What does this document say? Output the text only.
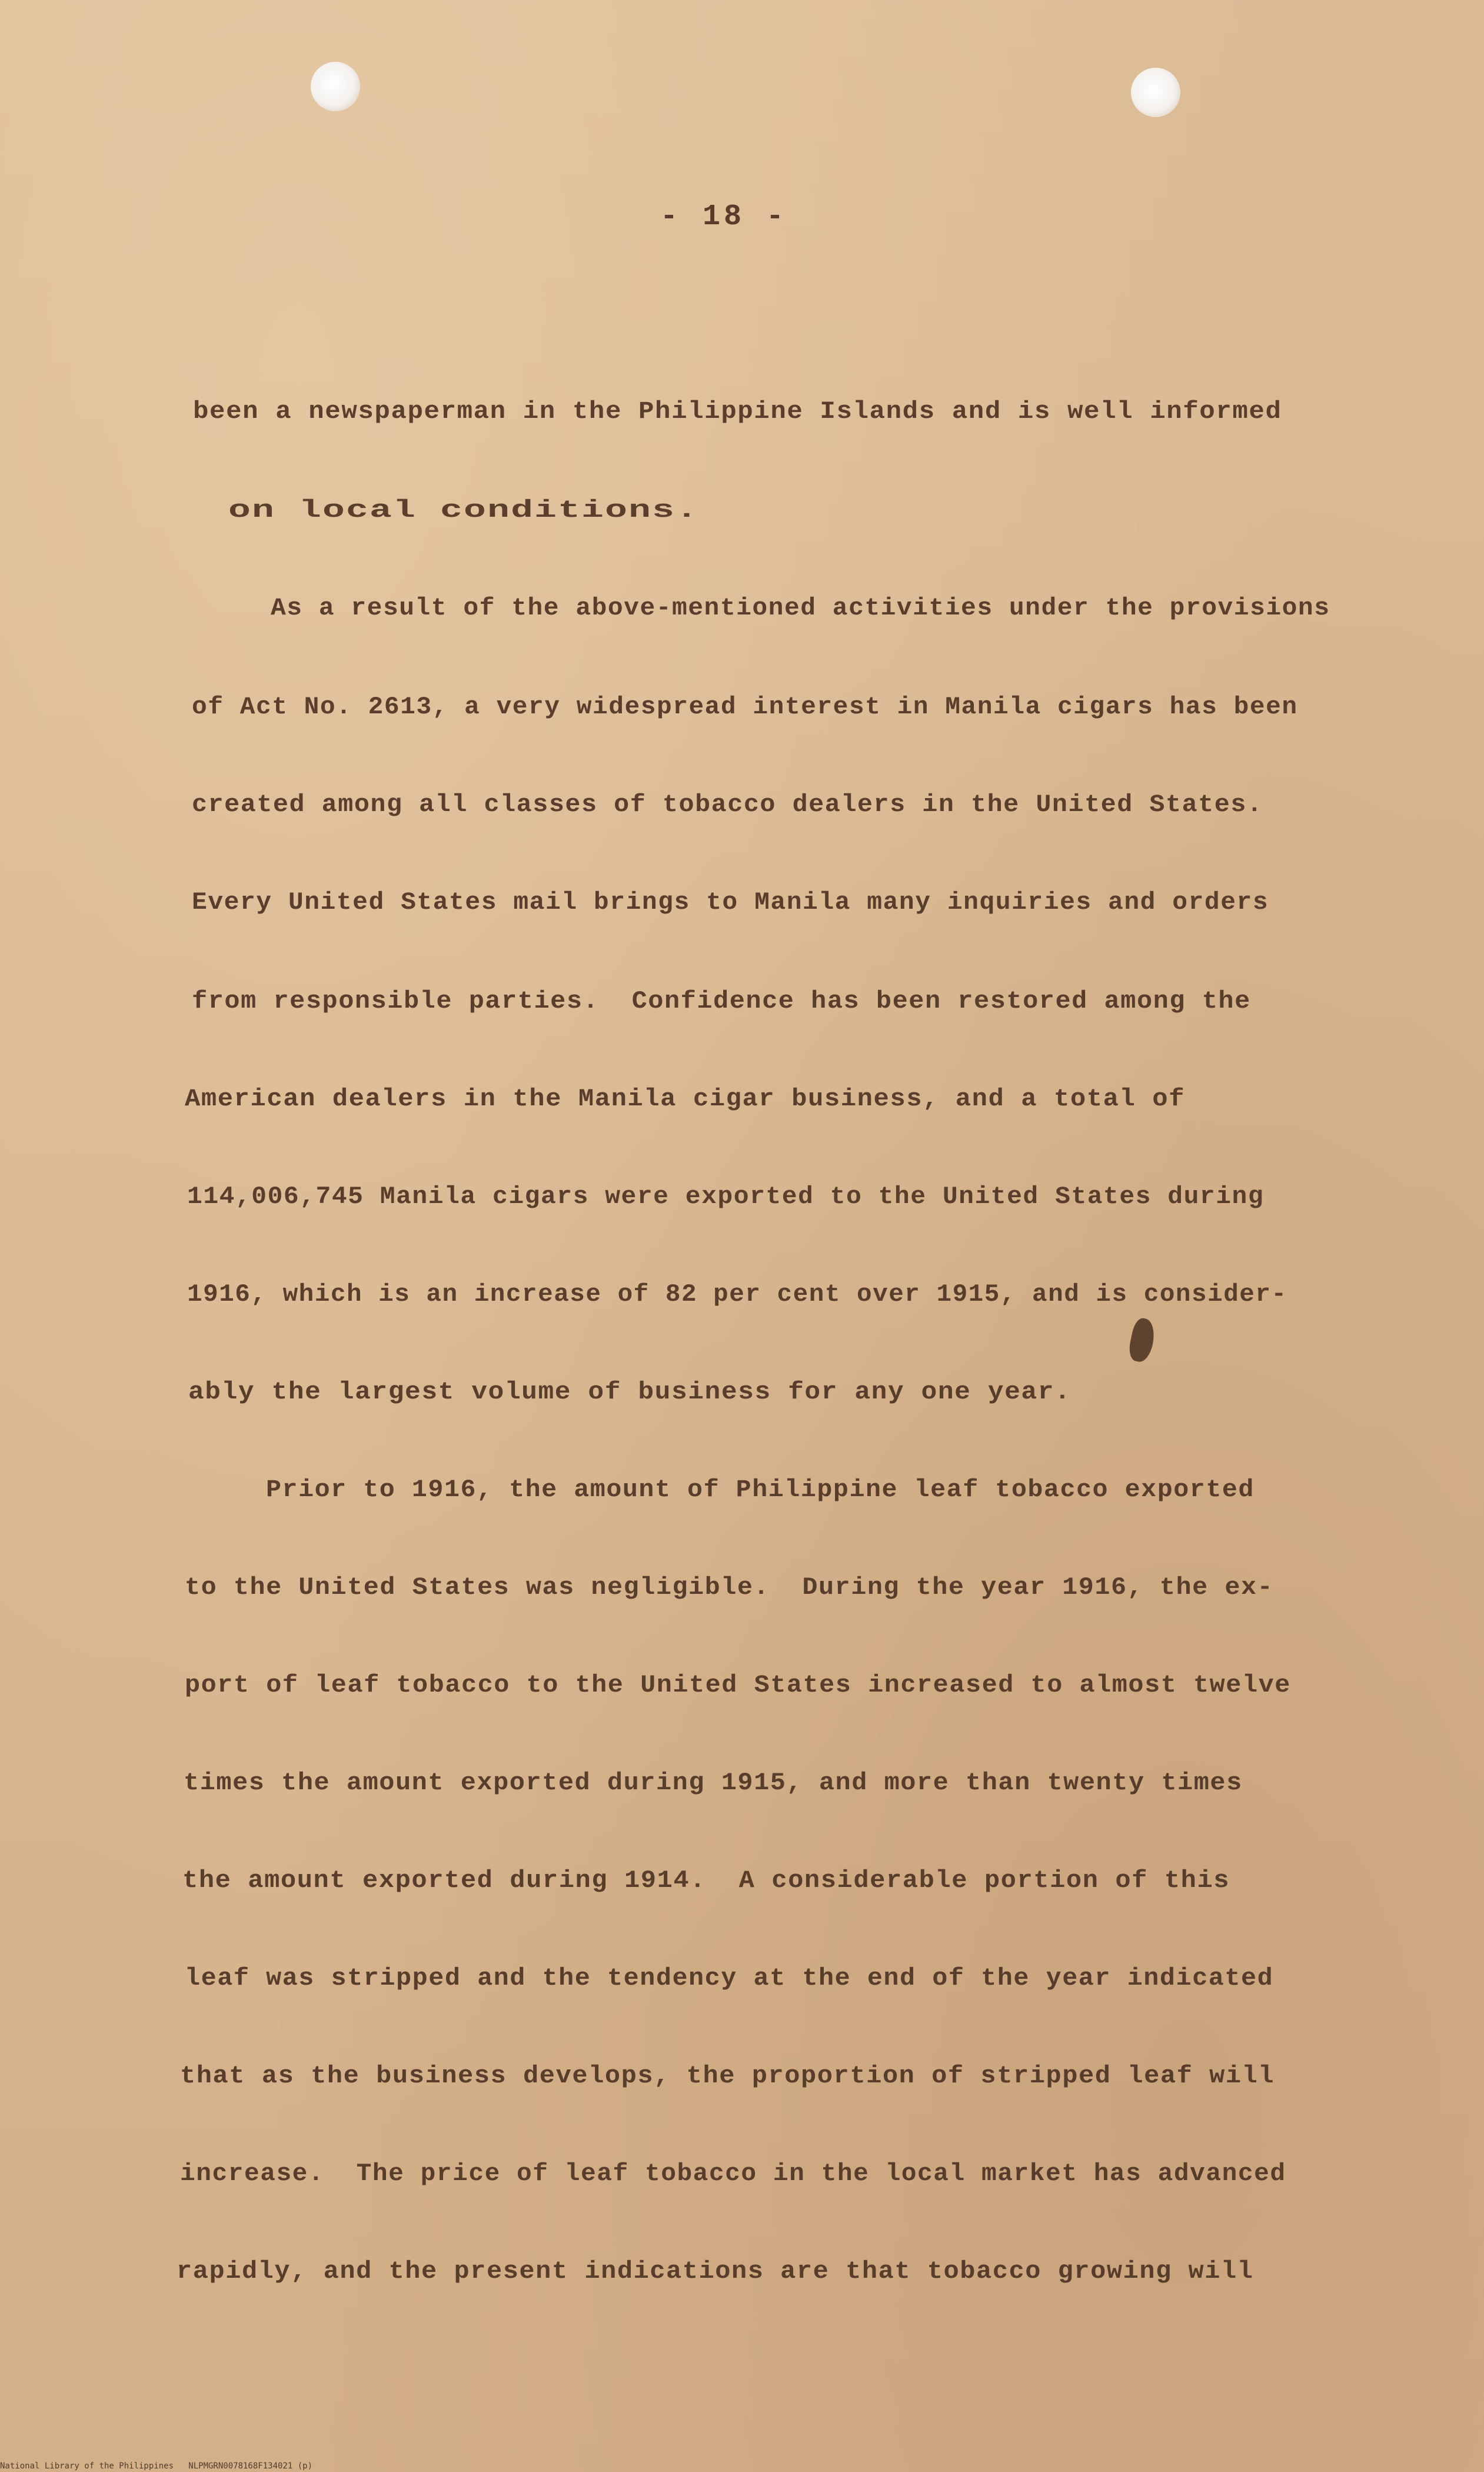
- 18 -
been a newspaperman in the Philippine Islands and is well informed
on local conditions.
As a result of the above-mentioned activities under the provisions
of Act No. 2613, a very widespread interest in Manila cigars has been
created among all classes of tobacco dealers in the United States.
Every United States mail brings to Manila many inquiries and orders
from responsible parties.  Confidence has been restored among the
American dealers in the Manila cigar business, and a total of
114,006,745 Manila cigars were exported to the United States during
1916, which is an increase of 82 per cent over 1915, and is consider-
ably the largest volume of business for any one year.
Prior to 1916, the amount of Philippine leaf tobacco exported
to the United States was negligible.  During the year 1916, the ex-
port of leaf tobacco to the United States increased to almost twelve
times the amount exported during 1915, and more than twenty times
the amount exported during 1914.  A considerable portion of this
leaf was stripped and the tendency at the end of the year indicated
that as the business develops, the proportion of stripped leaf will
increase.  The price of leaf tobacco in the local market has advanced
rapidly, and the present indications are that tobacco growing will
National Library of the Philippines   NLPMGRN0078168F134021 (p)
